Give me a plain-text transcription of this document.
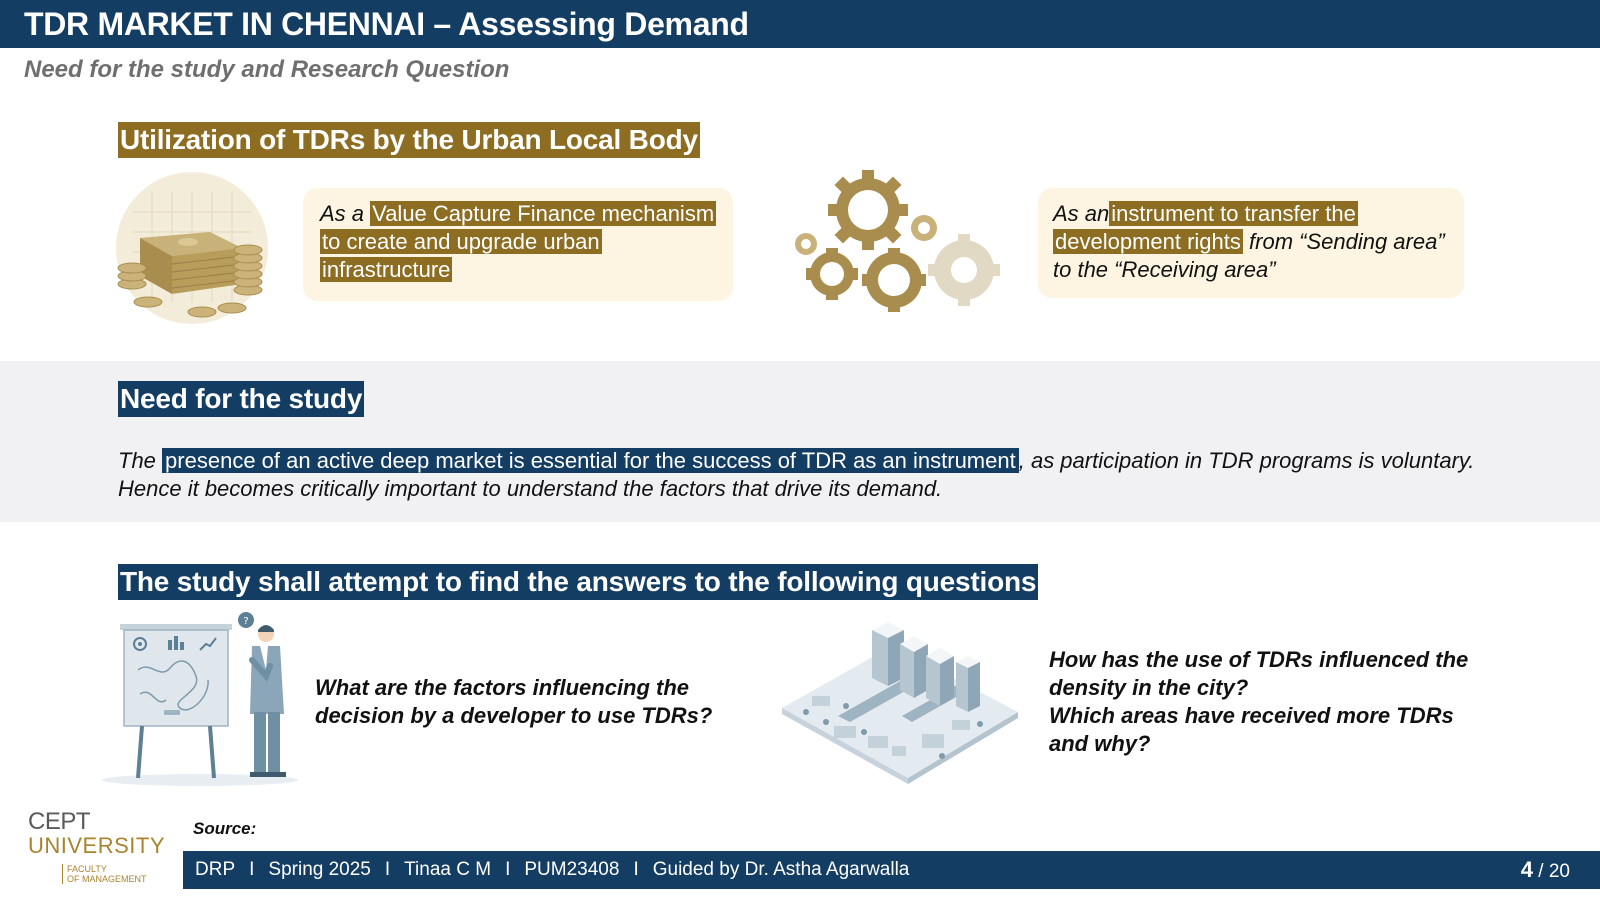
TDR MARKET IN CHENNAI – Assessing Demand
Need for the study and Research Question
Utilization of TDRs by the Urban Local Body
As a Value Capture Finance mechanism to create and upgrade urban infrastructure
As aninstrument to transfer the development rights from “Sending area” to the “Receiving area”
Need for the study
The presence of an active deep market is essential for the success of TDR as an instrument , as participation in TDR programs is voluntary. Hence it becomes critically important to understand the factors that drive its demand.
The study shall attempt to find the answers to the following questions
?
What are the factors influencing the decision by a developer to use TDRs?
How has the use of TDRs influenced the density in the city?
Which areas have received more TDRs and why?
CEPT
UNIVERSITY
FACULTY
OF MANAGEMENT
Source:
DRP I Spring 2025 I Tinaa C M I PUM23408 I Guided by Dr. Astha Agarwalla	4 / 20
